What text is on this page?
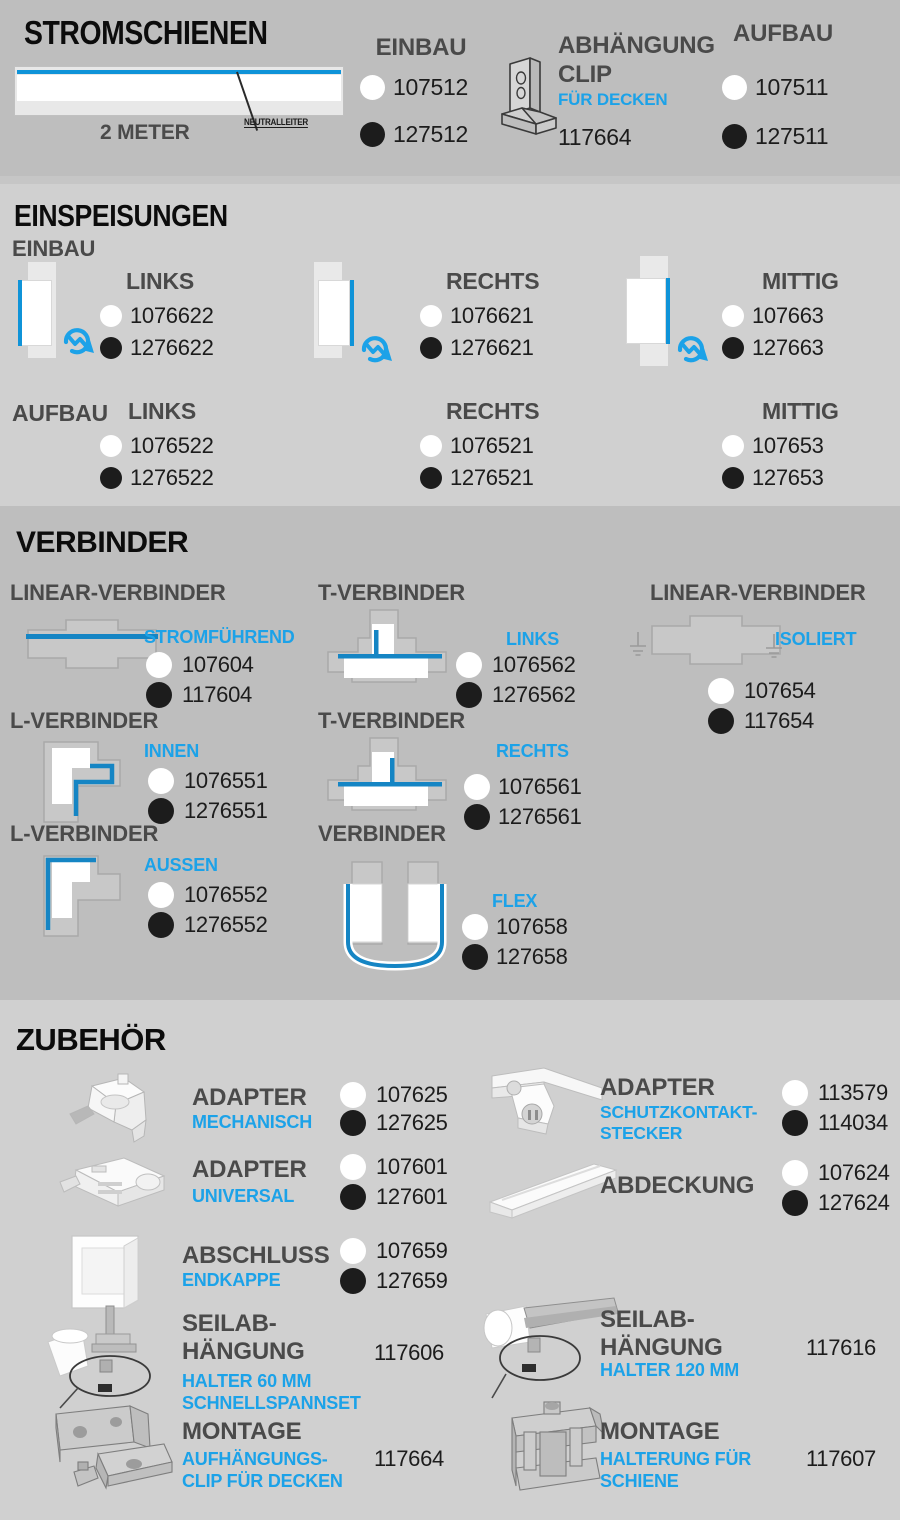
STROMSCHIENEN
NEUTRALLEITER
2 METER
EINBAU
107512
127512
ABHÄNGUNG
CLIP
FÜR DECKEN
117664
AUFBAU
107511
127511
EINSPEISUNGEN
EINBAU
LINKS
1076622
1276622
RECHTS
1076621
1276621
MITTIG
107663
127663
AUFBAU LINKS
1076522
1276522
RECHTS
1076521
1276521
MITTIG
107653
127653
VERBINDER
LINEAR-VERBINDER
STROMFÜHREND
107604
117604
T-VERBINDER
LINKS
1076562
1276562
LINEAR-VERBINDER
ISOLIERT
107654
117654
L-VERBINDER
INNEN
1076551
1276551
T-VERBINDER
RECHTS
1076561
1276561
L-VERBINDER
AUSSEN
1076552
1276552
VERBINDER
FLEX
107658
127658
ZUBEHÖR
ADAPTER
MECHANISCH
107625
127625
ADAPTER
SCHUTZKONTAKT-
STECKER
113579
114034
ADAPTER
UNIVERSAL
107601
127601	ABDECKUNG	107624
127624
ABSCHLUSS
ENDKAPPE
107659
127659
SEILAB-
HÄNGUNG
HALTER 60 MM
SCHNELLSPANNSET
117606
SEILAB-
HÄNGUNG
HALTER 120 MM
117616
MONTAGE
AUFHÄNGUNGS-
CLIP FÜR DECKEN
117664
MONTAGE
HALTERUNG FÜR
SCHIENE
117607
